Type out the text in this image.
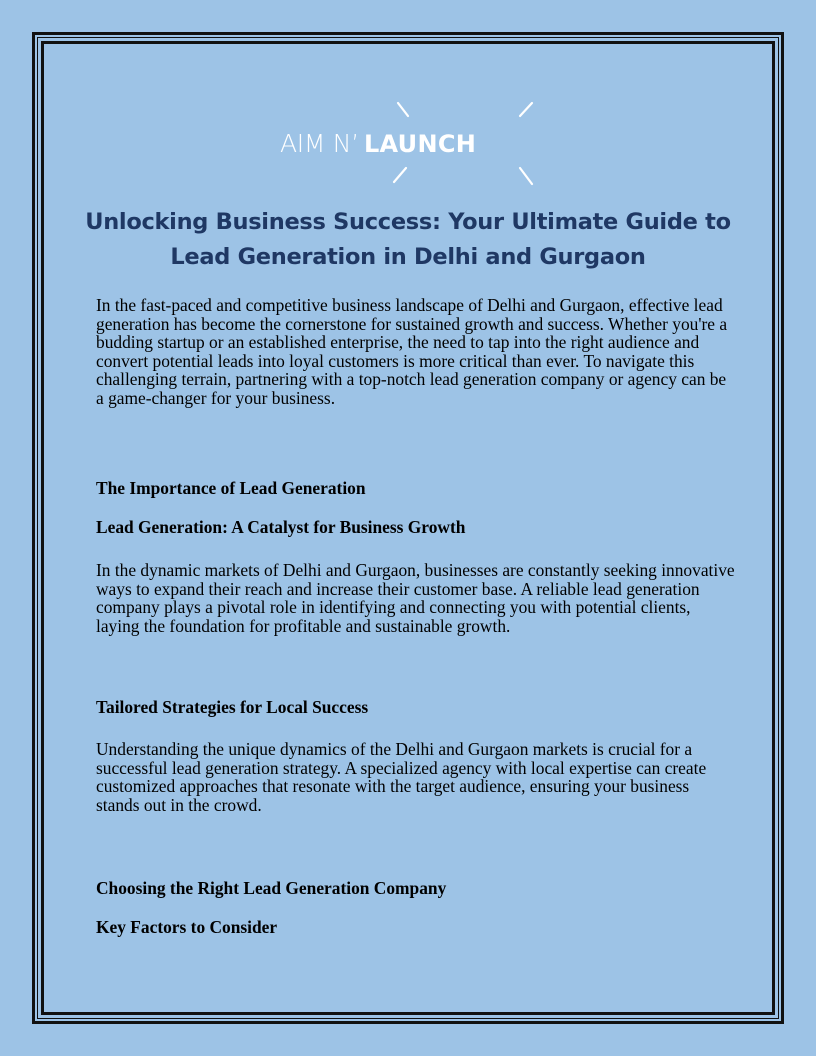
AIM N’ LAUNCH
Unlocking Business Success: Your Ultimate Guide to
Lead Generation in Delhi and Gurgaon

In the fast-paced and competitive business landscape of Delhi and Gurgaon, effective lead generation has become the cornerstone for sustained growth and success. Whether you're a budding startup or an established enterprise, the need to tap into the right audience and convert potential leads into loyal customers is more critical than ever. To navigate this challenging terrain, partnering with a top-notch lead generation company or agency can be a game-changer for your business.

The Importance of Lead Generation
Lead Generation: A Catalyst for Business Growth

In the dynamic markets of Delhi and Gurgaon, businesses are constantly seeking innovative ways to expand their reach and increase their customer base. A reliable lead generation company plays a pivotal role in identifying and connecting you with potential clients, laying the foundation for profitable and sustainable growth.

Tailored Strategies for Local Success

Understanding the unique dynamics of the Delhi and Gurgaon markets is crucial for a successful lead generation strategy. A specialized agency with local expertise can create customized approaches that resonate with the target audience, ensuring your business stands out in the crowd.

Choosing the Right Lead Generation Company
Key Factors to Consider
